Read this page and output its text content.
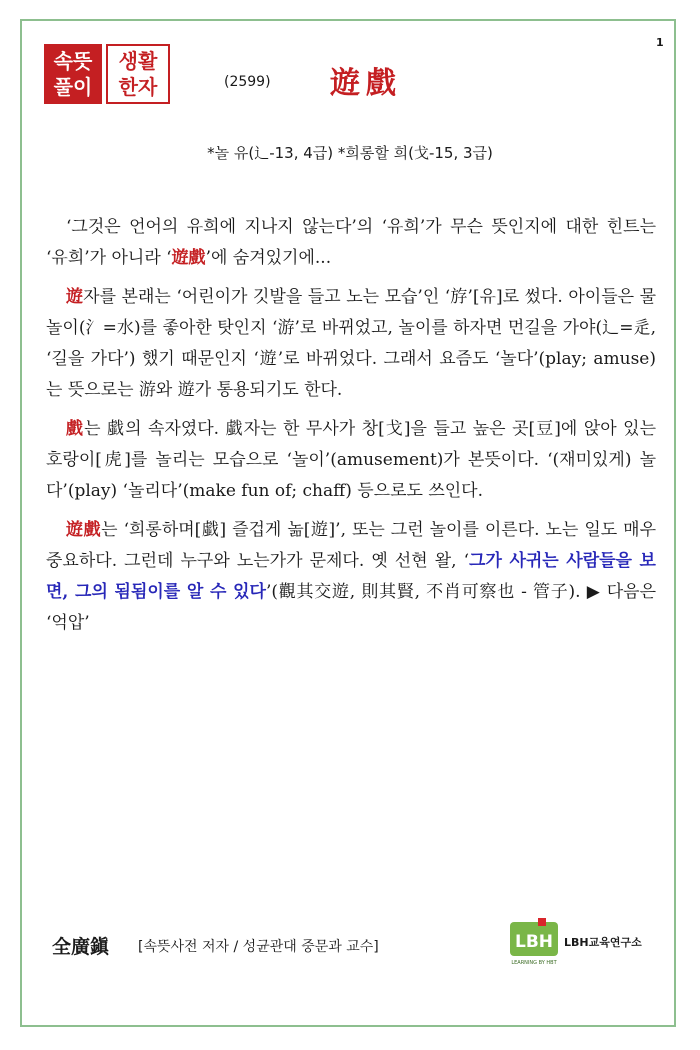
1
속뜻
풀이
생활
한자	(2599) 遊戲
*놀 유(辶-13, 4급) *희롱할 희(戈-15, 3급)

‘그것은 언어의 유희에 지나지 않는다’의 ‘유희’가 무슨 뜻인지에 대한 힌트는 ‘유희’가 아니라 ‘遊戲’에 숨겨있기에...

遊자를 본래는 ‘어린이가 깃발을 들고 노는 모습’인 ‘斿’[유]로 썼다. 아이들은 물놀이(氵=水)를 좋아한 탓인지 ‘游’로 바뀌었고, 놀이를 하자면 먼길을 가야(辶=辵, ‘길을 가다’) 했기 때문인지 ‘遊’로 바뀌었다. 그래서 요즘도 ‘놀다’(play; amuse)는 뜻으로는 游와 遊가 통용되기도 한다.

戲는 戱의 속자였다. 戱자는 한 무사가 창[戈]을 들고 높은 곳[豆]에 앉아 있는 호랑이[虎]를 놀리는 모습으로 ‘놀이’(amusement)가 본뜻이다. ‘(재미있게) 놀다’(play) ‘놀리다’(make fun of; chaff) 등으로도 쓰인다.

遊戲는 ‘희롱하며[戱] 즐겁게 놂[遊]’, 또는 그런 놀이를 이른다. 노는 일도 매우 중요하다. 그런데 누구와 노는가가 문제다. 옛 선현 왈, ‘그가 사귀는 사람들을 보면, 그의 됨됨이를 알 수 있다’(觀其交遊, 則其賢, 不肖可察也 - 管子). ▶ 다음은 ‘억압’

全廣鎭 [속뜻사전 저자 / 성균관대 중문과 교수]	LBH
LEARNING BY HBT
LBH교육연구소
